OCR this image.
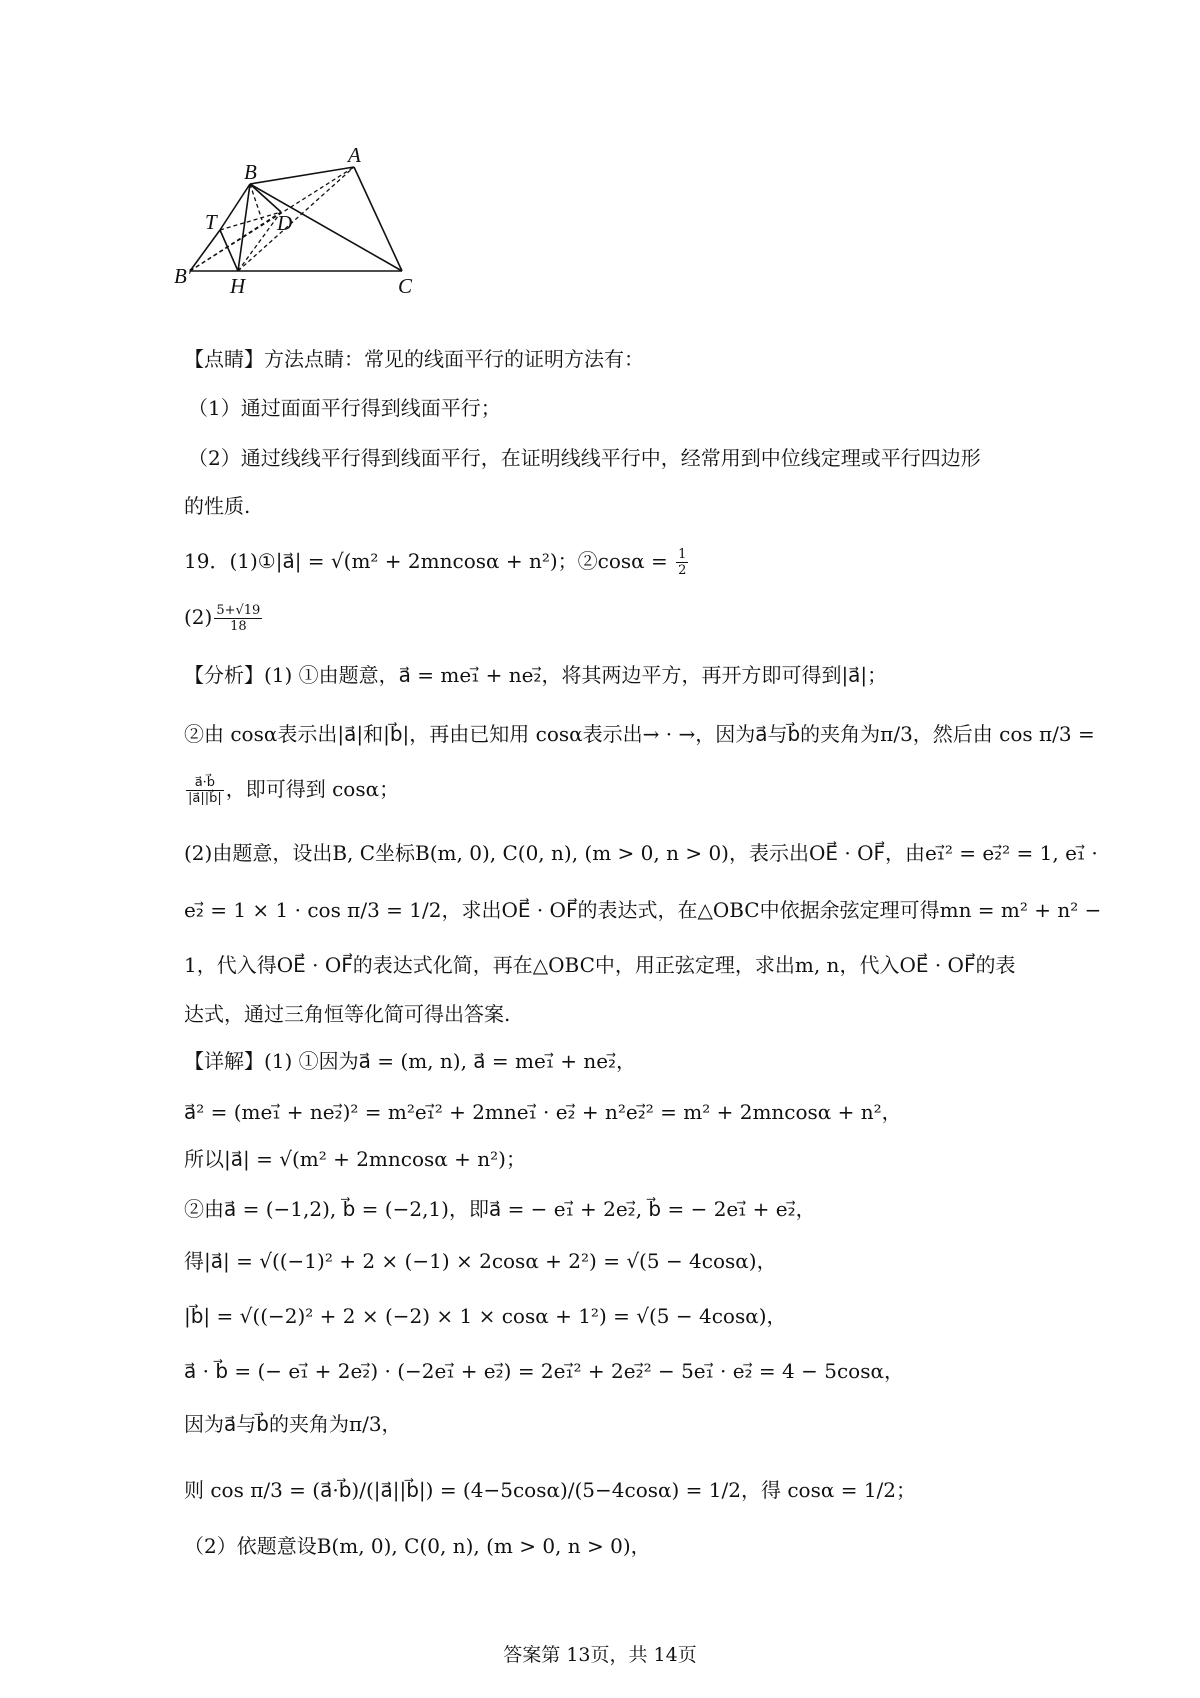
A
B
C
D
T
H
B′
【点睛】方法点睛：常见的线面平行的证明方法有：
（1）通过面面平行得到线面平行；
（2）通过线线平行得到线面平行，在证明线线平行中，经常用到中位线定理或平行四边形
的性质.
19．(1)①|a⃗| = √(m² + 2mncosα + n²)；②cosα = $\frac{1}{2}$
$(2) \frac{5+√19}{18}$
【分析】(1) ①由题意，a⃗ = me₁⃗ + ne₂⃗，将其两边平方，再开方即可得到|a⃗|；
②由 cosα表示出|a⃗|和|b⃗|，再由已知用 cosα表示出→ · →，因为a⃗与b⃗的夹角为π/3，然后由 cos π/3 =
$\frac{a⃗\cdot b⃗}{|a⃗||b⃗|}$ ，即可得到 cosα；
(2)由题意，设出B, C坐标B(m, 0), C(0, n), (m > 0, n > 0)，表示出OE⃗ · OF⃗，由e₁⃗² = e₂⃗² = 1, e₁⃗ ·
e₂⃗ = 1 × 1 · cos π/3 = 1/2，求出OE⃗ · OF⃗的表达式，在△OBC中依据余弦定理可得mn = m² + n² −
1，代入得OE⃗ · OF⃗的表达式化简，再在△OBC中，用正弦定理，求出m, n，代入OE⃗ · OF⃗的表
达式，通过三角恒等化简可得出答案.
【详解】(1) ①因为a⃗ = (m, n), a⃗ = me₁⃗ + ne₂⃗，
a⃗² = (me₁⃗ + ne₂⃗)² = m²e₁⃗² + 2mne₁⃗ · e₂⃗ + n²e₂⃗² = m² + 2mncosα + n²，
所以|a⃗| = √(m² + 2mncosα + n²)；
②由a⃗ = (−1,2), b⃗ = (−2,1)，即a⃗ = − e₁⃗ + 2e₂⃗, b⃗ = − 2e₁⃗ + e₂⃗，
得|a⃗| = √((−1)² + 2 × (−1) × 2cosα + 2²) = √(5 − 4cosα)，
|b⃗| = √((−2)² + 2 × (−2) × 1 × cosα + 1²) = √(5 − 4cosα)，
a⃗ · b⃗ = (− e₁⃗ + 2e₂⃗) · (−2e₁⃗ + e₂⃗) = 2e₁⃗² + 2e₂⃗² − 5e₁⃗ · e₂⃗ = 4 − 5cosα，
因为a⃗与b⃗的夹角为π/3，
则 cos π/3 = (a⃗·b⃗)/(|a⃗||b⃗|) = (4−5cosα)/(5−4cosα) = 1/2，得 cosα = 1/2；
（2）依题意设B(m, 0), C(0, n), (m > 0, n > 0)，
答案第 13页，共 14页
